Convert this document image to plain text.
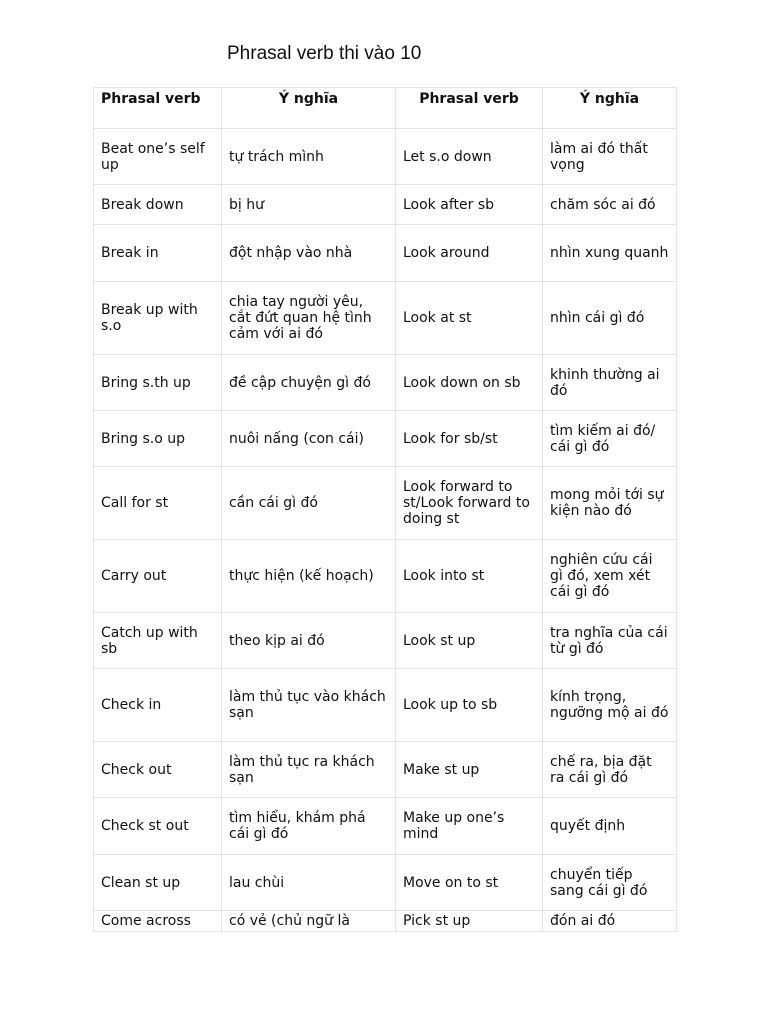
Phrasal verb thi vào 10
Phrasal verb	Ý nghĩa	Phrasal verb	Ý nghĩa
Beat one’s self up	tự trách mình	Let s.o down	làm ai đó thất vọng
Break down	bị hư	Look after sb	chăm sóc ai đó
Break in	đột nhập vào nhà	Look around	nhìn xung quanh
Break up with s.o	chia tay người yêu, cắt đứt quan hệ tình cảm với ai đó	Look at st	nhìn cái gì đó
Bring s.th up	đề cập chuyện gì đó	Look down on sb	khinh thường ai đó
Bring s.o up	nuôi nấng (con cái)	Look for sb/st	tìm kiếm ai đó/ cái gì đó
Call for st	cần cái gì đó	Look forward to st/Look forward to doing st	mong mỏi tới sự kiện nào đó
Carry out	thực hiện (kế hoạch)	Look into st	nghiên cứu cái gì đó, xem xét cái gì đó
Catch up with sb	theo kịp ai đó	Look st up	tra nghĩa của cái từ gì đó
Check in	làm thủ tục vào khách sạn	Look up to sb	kính trọng, ngưỡng mộ ai đó
Check out	làm thủ tục ra khách sạn	Make st up	chế ra, bịa đặt ra cái gì đó
Check st out	tìm hiểu, khám phá cái gì đó	Make up one’s mind	quyết định
Clean st up	lau chùi	Move on to st	chuyển tiếp sang cái gì đó
Come across	có vẻ (chủ ngữ là	Pick st up	đón ai đó
